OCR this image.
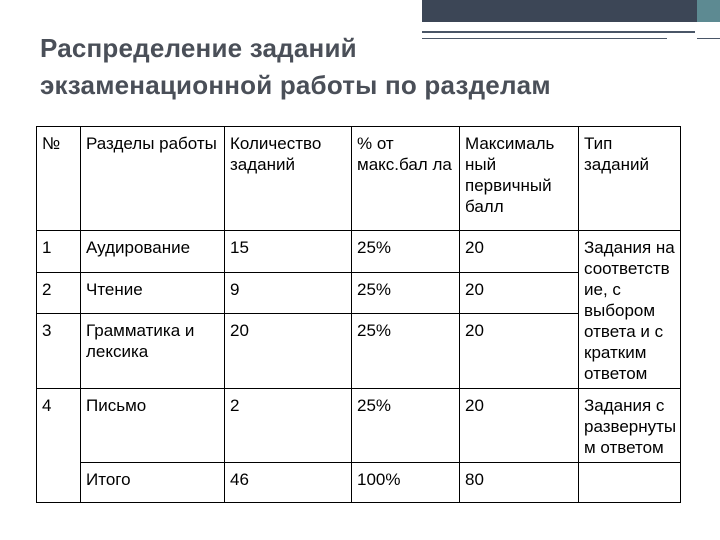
Распределение заданий
экзаменационной работы по разделам
№	Разделы работы	Количество заданий	% от макс.бал ла	Максималь ный первичный балл	Тип заданий
1	Аудирование	15	25%	20	Задания на соответств ие, с выбором ответа и с кратким ответом
2	Чтение	9	25%	20	
3	Грамматика и лексика	20	25%	20	
4	Письмо	2	25%	20	Задания с развернуты м ответом
	Итого	46	100%	80	
